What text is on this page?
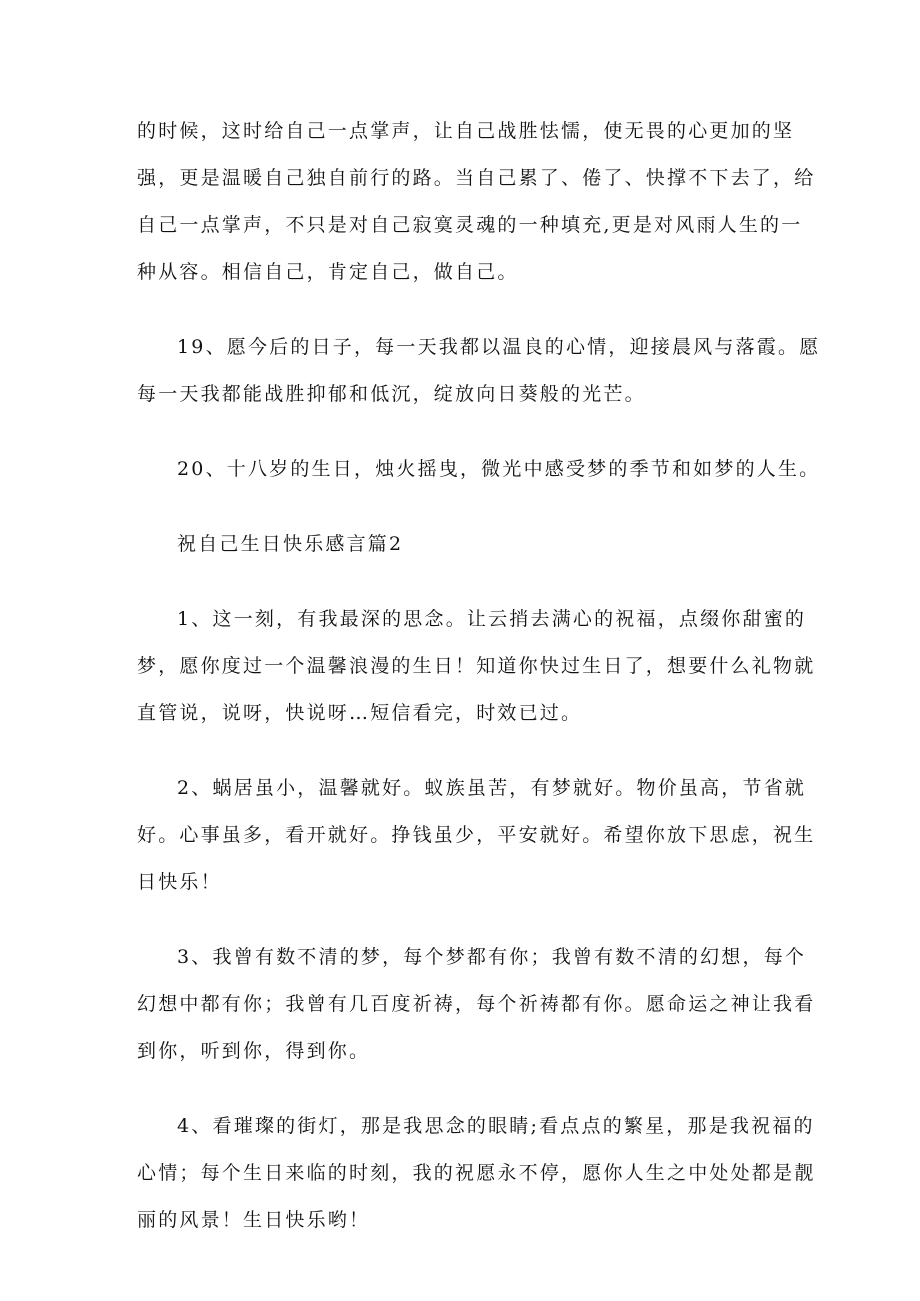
的时候，这时给自己一点掌声，让自己战胜怯懦，使无畏的心更加的坚
强，更是温暖自己独自前行的路。当自己累了、倦了、快撑不下去了，给
自己一点掌声，不只是对自己寂寞灵魂的一种填充,更是对风雨人生的一
种从容。相信自己，肯定自己，做自己。
19、愿今后的日子，每一天我都以温良的心情，迎接晨风与落霞。愿
每一天我都能战胜抑郁和低沉，绽放向日葵般的光芒。
20、十八岁的生日，烛火摇曳，微光中感受梦的季节和如梦的人生。
祝自己生日快乐感言篇2
1、这一刻，有我最深的思念。让云捎去满心的祝福，点缀你甜蜜的
梦，愿你度过一个温馨浪漫的生日！知道你快过生日了，想要什么礼物就
直管说，说呀，快说呀…短信看完，时效已过。
2、蜗居虽小，温馨就好。蚁族虽苦，有梦就好。物价虽高，节省就
好。心事虽多，看开就好。挣钱虽少，平安就好。希望你放下思虑，祝生
日快乐！
3、我曾有数不清的梦，每个梦都有你；我曾有数不清的幻想，每个
幻想中都有你；我曾有几百度祈祷，每个祈祷都有你。愿命运之神让我看
到你，听到你，得到你。
4、看璀璨的街灯，那是我思念的眼睛;看点点的繁星，那是我祝福的
心情；每个生日来临的时刻，我的祝愿永不停，愿你人生之中处处都是靓
丽的风景！生日快乐哟！
